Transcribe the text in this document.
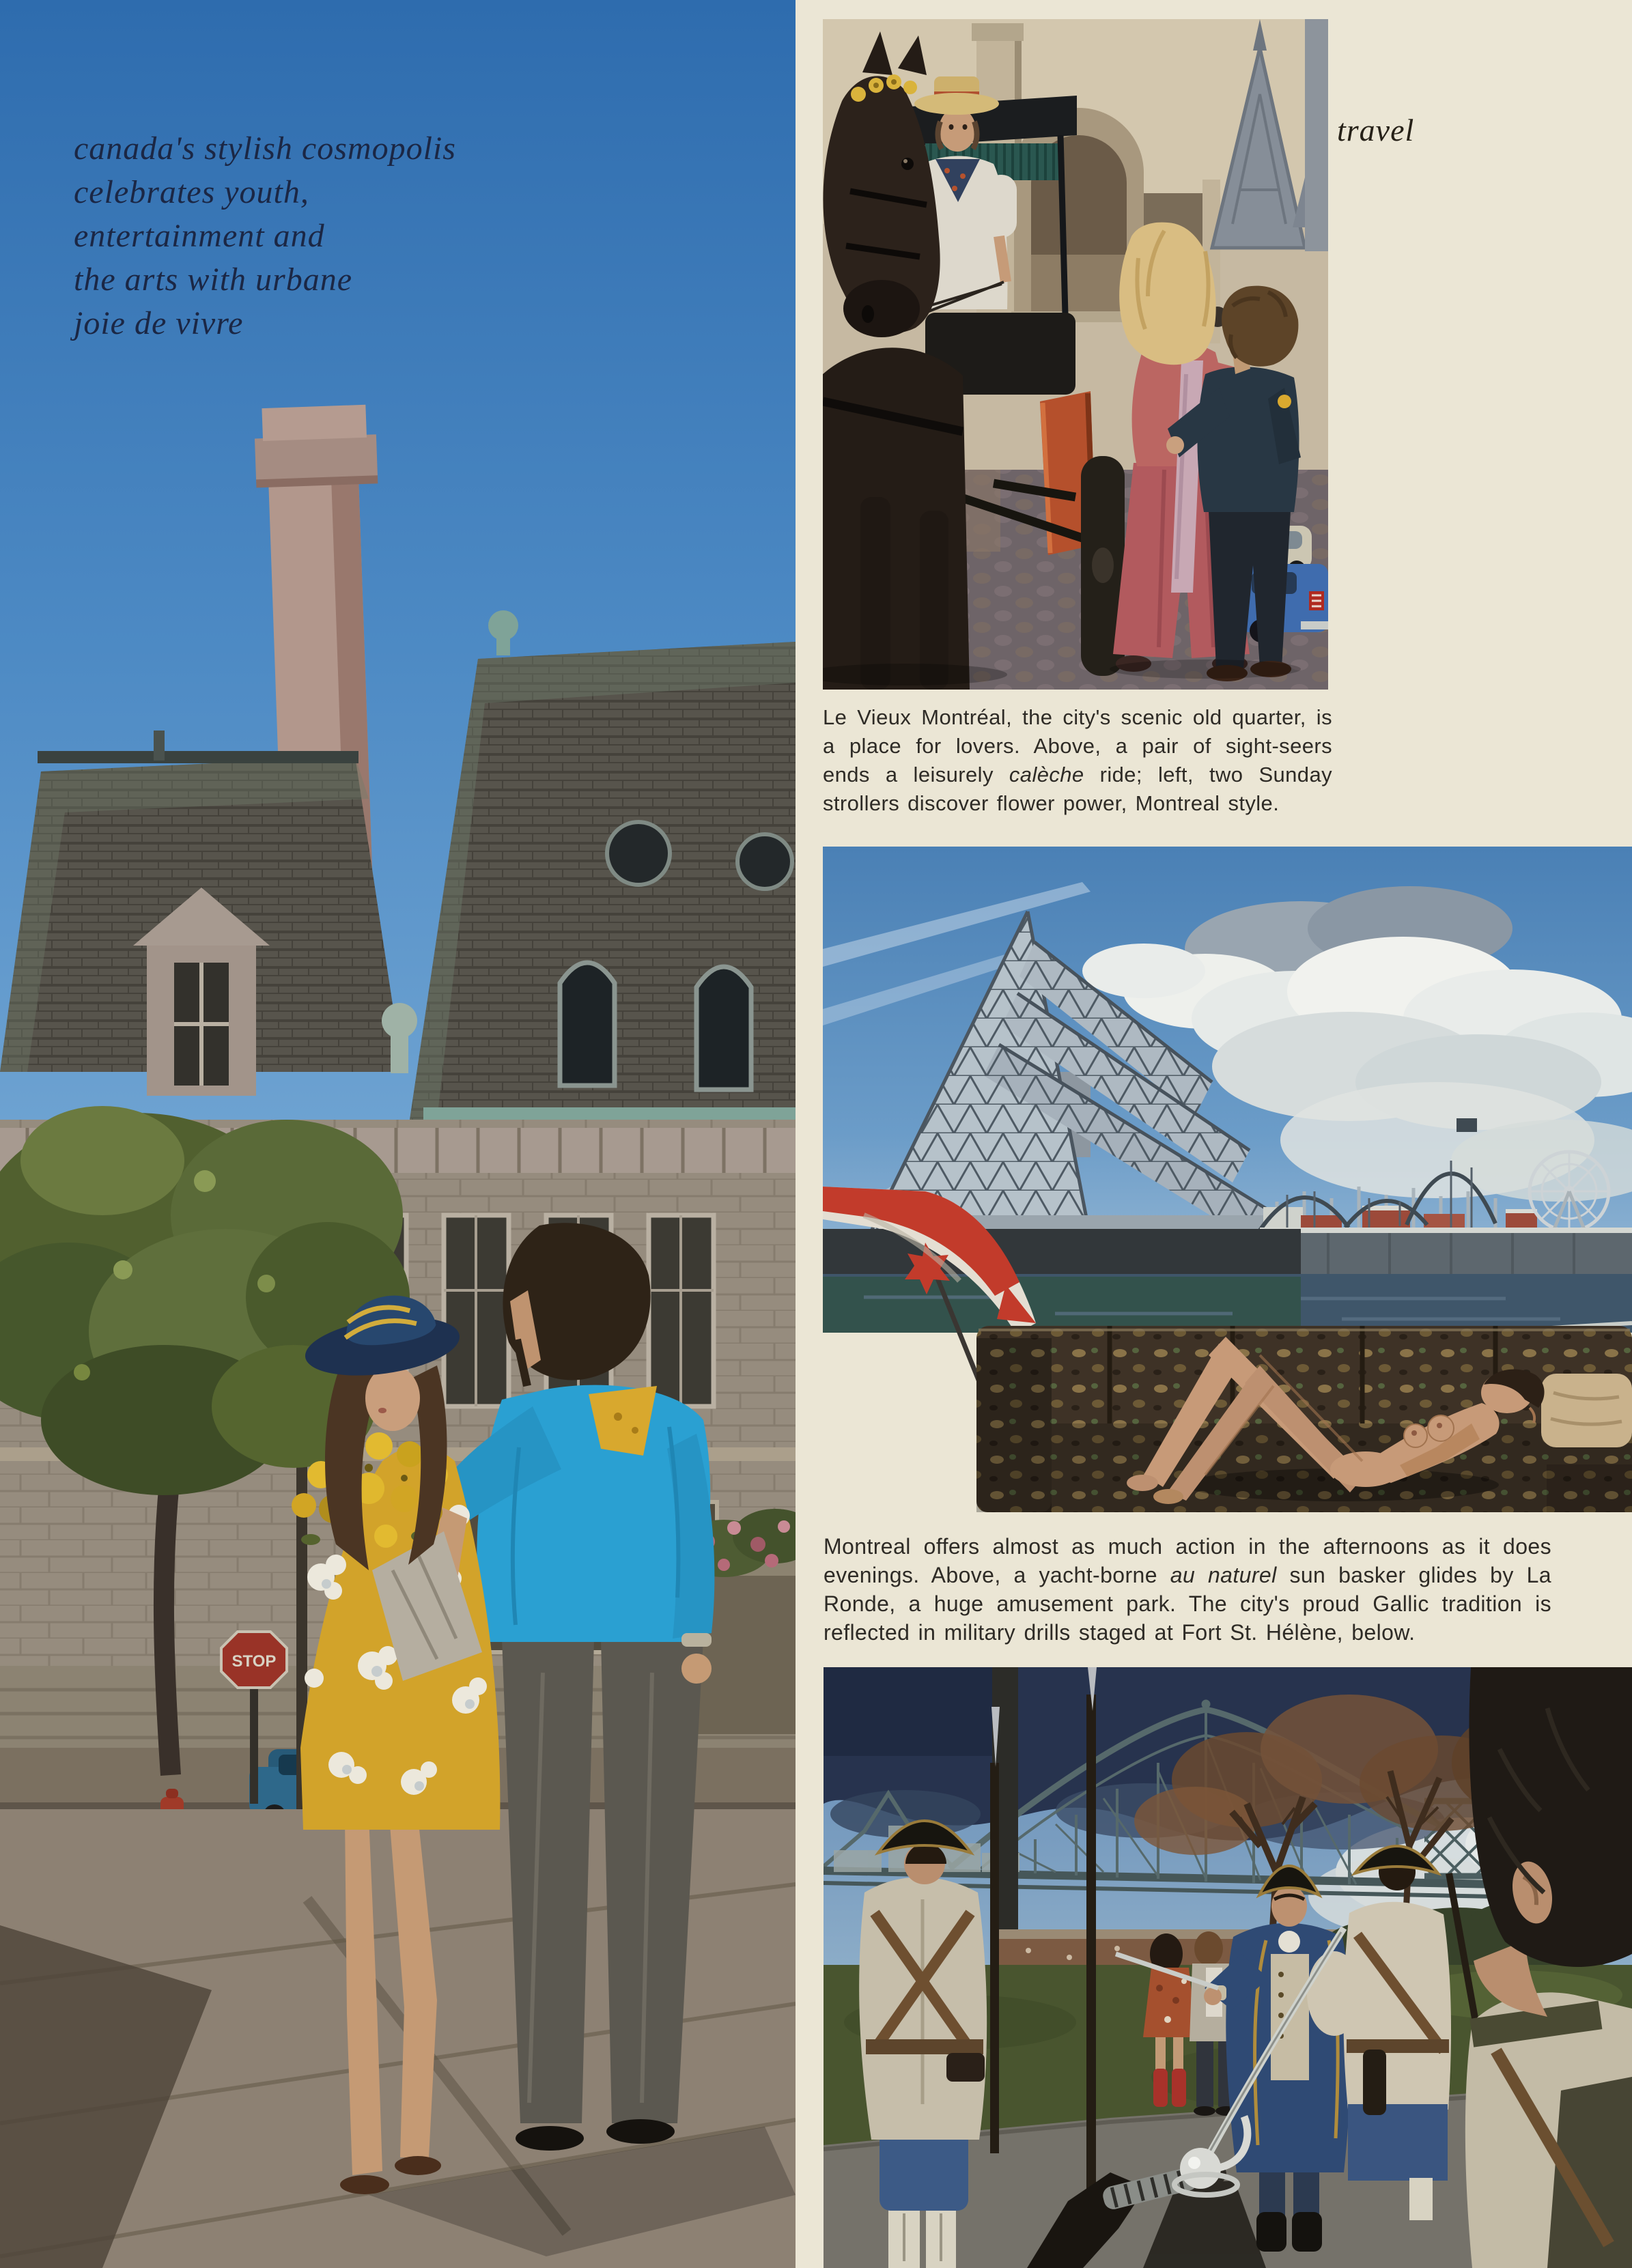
STOP
canada's stylish cosmopolis
celebrates youth,
entertainment and
the arts with urbane
joie de vivre
travel

Le Vieux Montréal, the city's scenic old quarter, is a place for lovers. Above, a pair of sight-seers ends a leisurely calèche ride; left, two Sunday strollers discover flower power, Montreal style.

Montreal offers almost as much action in the afternoons as it does evenings. Above, a yacht-borne au naturel sun basker glides by La Ronde, a huge amusement park. The city's proud Gallic tradition is reflected in military drills staged at Fort St. Hélène, below.
